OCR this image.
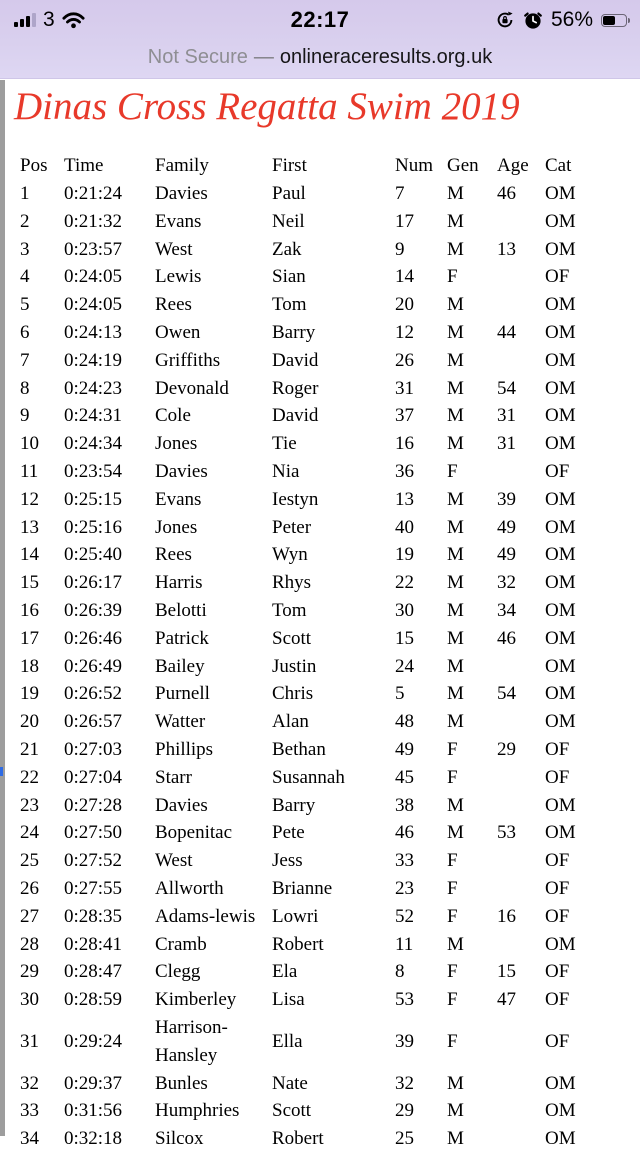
3	22:17	56%
Not Secure — onlineraceresults.org.uk
Dinas Cross Regatta Swim 2019
Pos	Time	Family	First	Num	Gen	Age	Cat
1	0:21:24	Davies	Paul	7	M	46	OM
2	0:21:32	Evans	Neil	17	M		OM
3	0:23:57	West	Zak	9	M	13	OM
4	0:24:05	Lewis	Sian	14	F		OF
5	0:24:05	Rees	Tom	20	M		OM
6	0:24:13	Owen	Barry	12	M	44	OM
7	0:24:19	Griffiths	David	26	M		OM
8	0:24:23	Devonald	Roger	31	M	54	OM
9	0:24:31	Cole	David	37	M	31	OM
10	0:24:34	Jones	Tie	16	M	31	OM
11	0:23:54	Davies	Nia	36	F		OF
12	0:25:15	Evans	Iestyn	13	M	39	OM
13	0:25:16	Jones	Peter	40	M	49	OM
14	0:25:40	Rees	Wyn	19	M	49	OM
15	0:26:17	Harris	Rhys	22	M	32	OM
16	0:26:39	Belotti	Tom	30	M	34	OM
17	0:26:46	Patrick	Scott	15	M	46	OM
18	0:26:49	Bailey	Justin	24	M		OM
19	0:26:52	Purnell	Chris	5	M	54	OM
20	0:26:57	Watter	Alan	48	M		OM
21	0:27:03	Phillips	Bethan	49	F	29	OF
22	0:27:04	Starr	Susannah	45	F		OF
23	0:27:28	Davies	Barry	38	M		OM
24	0:27:50	Bopenitac	Pete	46	M	53	OM
25	0:27:52	West	Jess	33	F		OF
26	0:27:55	Allworth	Brianne	23	F		OF
27	0:28:35	Adams-lewis	Lowri	52	F	16	OF
28	0:28:41	Cramb	Robert	11	M		OM
29	0:28:47	Clegg	Ela	8	F	15	OF
30	0:28:59	Kimberley	Lisa	53	F	47	OF
31	0:29:24	Harrison-Hansley	Ella	39	F		OF
32	0:29:37	Bunles	Nate	32	M		OM
33	0:31:56	Humphries	Scott	29	M		OM
34	0:32:18	Silcox	Robert	25	M		OM
